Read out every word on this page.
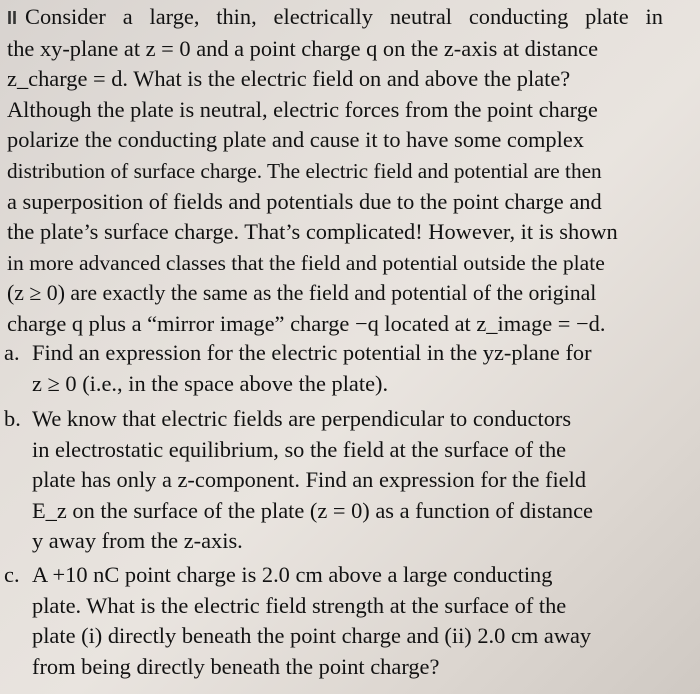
II Consider a large, thin, electrically neutral conducting plate in
the xy-plane at z = 0 and a point charge q on the z-axis at distance
z_charge = d. What is the electric field on and above the plate?
Although the plate is neutral, electric forces from the point charge
polarize the conducting plate and cause it to have some complex
distribution of surface charge. The electric field and potential are then
a superposition of fields and potentials due to the point charge and
the plate’s surface charge. That’s complicated! However, it is shown
in more advanced classes that the field and potential outside the plate
(z ≥ 0) are exactly the same as the field and potential of the original
charge q plus a “mirror image” charge −q located at z_image = −d.
a. Find an expression for the electric potential in the yz-plane for
z ≥ 0 (i.e., in the space above the plate).
b. We know that electric fields are perpendicular to conductors
in electrostatic equilibrium, so the field at the surface of the
plate has only a z-component. Find an expression for the field
E_z on the surface of the plate (z = 0) as a function of distance
y away from the z-axis.
c. A +10 nC point charge is 2.0 cm above a large conducting
plate. What is the electric field strength at the surface of the
plate (i) directly beneath the point charge and (ii) 2.0 cm away
from being directly beneath the point charge?
